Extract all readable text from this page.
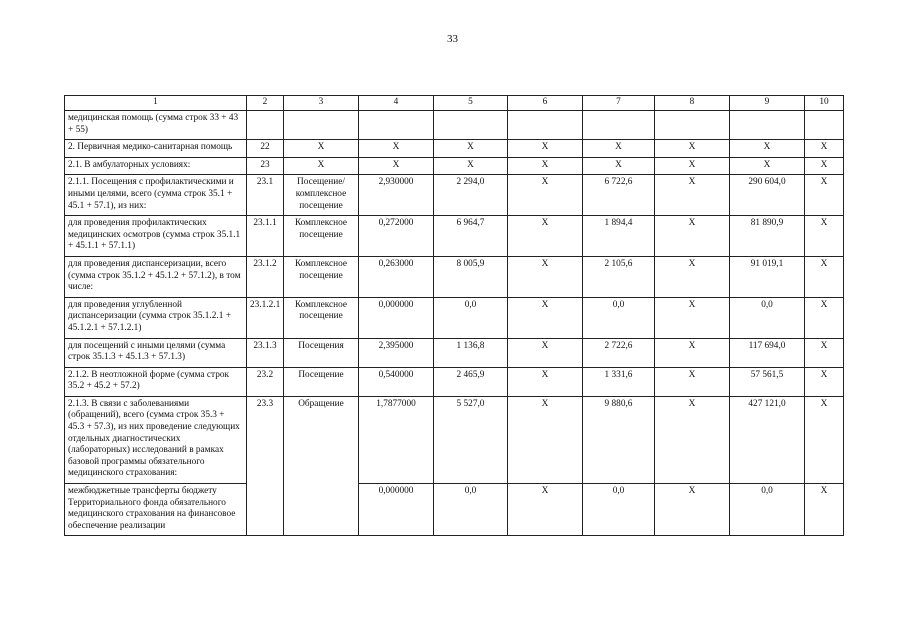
33
1	2	3	4	5	6	7	8	9	10
медицинская помощь (сумма строк 33 + 43 + 55)									
2. Первичная медико-санитарная помощь	22	X	X	X	X	X	X	X	X
2.1. В амбулаторных условиях:	23	X	X	X	X	X	X	X	X
2.1.1. Посещения с профилактическими и иными целями, всего (сумма строк 35.1 + 45.1 + 57.1), из них:	23.1	Посещение/ комплексное посещение	2,930000	2 294,0	X	6 722,6	X	290 604,0	X
для проведения профилактических медицинских осмотров (сумма строк 35.1.1 + 45.1.1 + 57.1.1)	23.1.1	Комплексное посещение	0,272000	6 964,7	X	1 894,4	X	81 890,9	X
для проведения диспансеризации, всего (сумма строк 35.1.2 + 45.1.2 + 57.1.2), в том числе:	23.1.2	Комплексное посещение	0,263000	8 005,9	X	2 105,6	X	91 019,1	X
для проведения углубленной диспансеризации (сумма строк 35.1.2.1 + 45.1.2.1 + 57.1.2.1)	23.1.2.1	Комплексное посещение	0,000000	0,0	X	0,0	X	0,0	X
для посещений с иными целями (сумма строк 35.1.3 + 45.1.3 + 57.1.3)	23.1.3	Посещения	2,395000	1 136,8	X	2 722,6	X	117 694,0	X
2.1.2. В неотложной форме (сумма строк 35.2 + 45.2 + 57.2)	23.2	Посещение	0,540000	2 465,9	X	1 331,6	X	57 561,5	X
2.1.3. В связи с заболеваниями (обращений), всего (сумма строк 35.3 + 45.3 + 57.3), из них проведение следующих отдельных диагностических (лабораторных) исследований в рамках базовой программы обязательного медицинского страхования:	23.3	Обращение	1,7877000	5 527,0	X	9 880,6	X	427 121,0	X
межбюджетные трансферты бюджету Территориального фонда обязательного медицинского страхования на финансовое обеспечение реализации			0,000000	0,0	X	0,0	X	0,0	X
